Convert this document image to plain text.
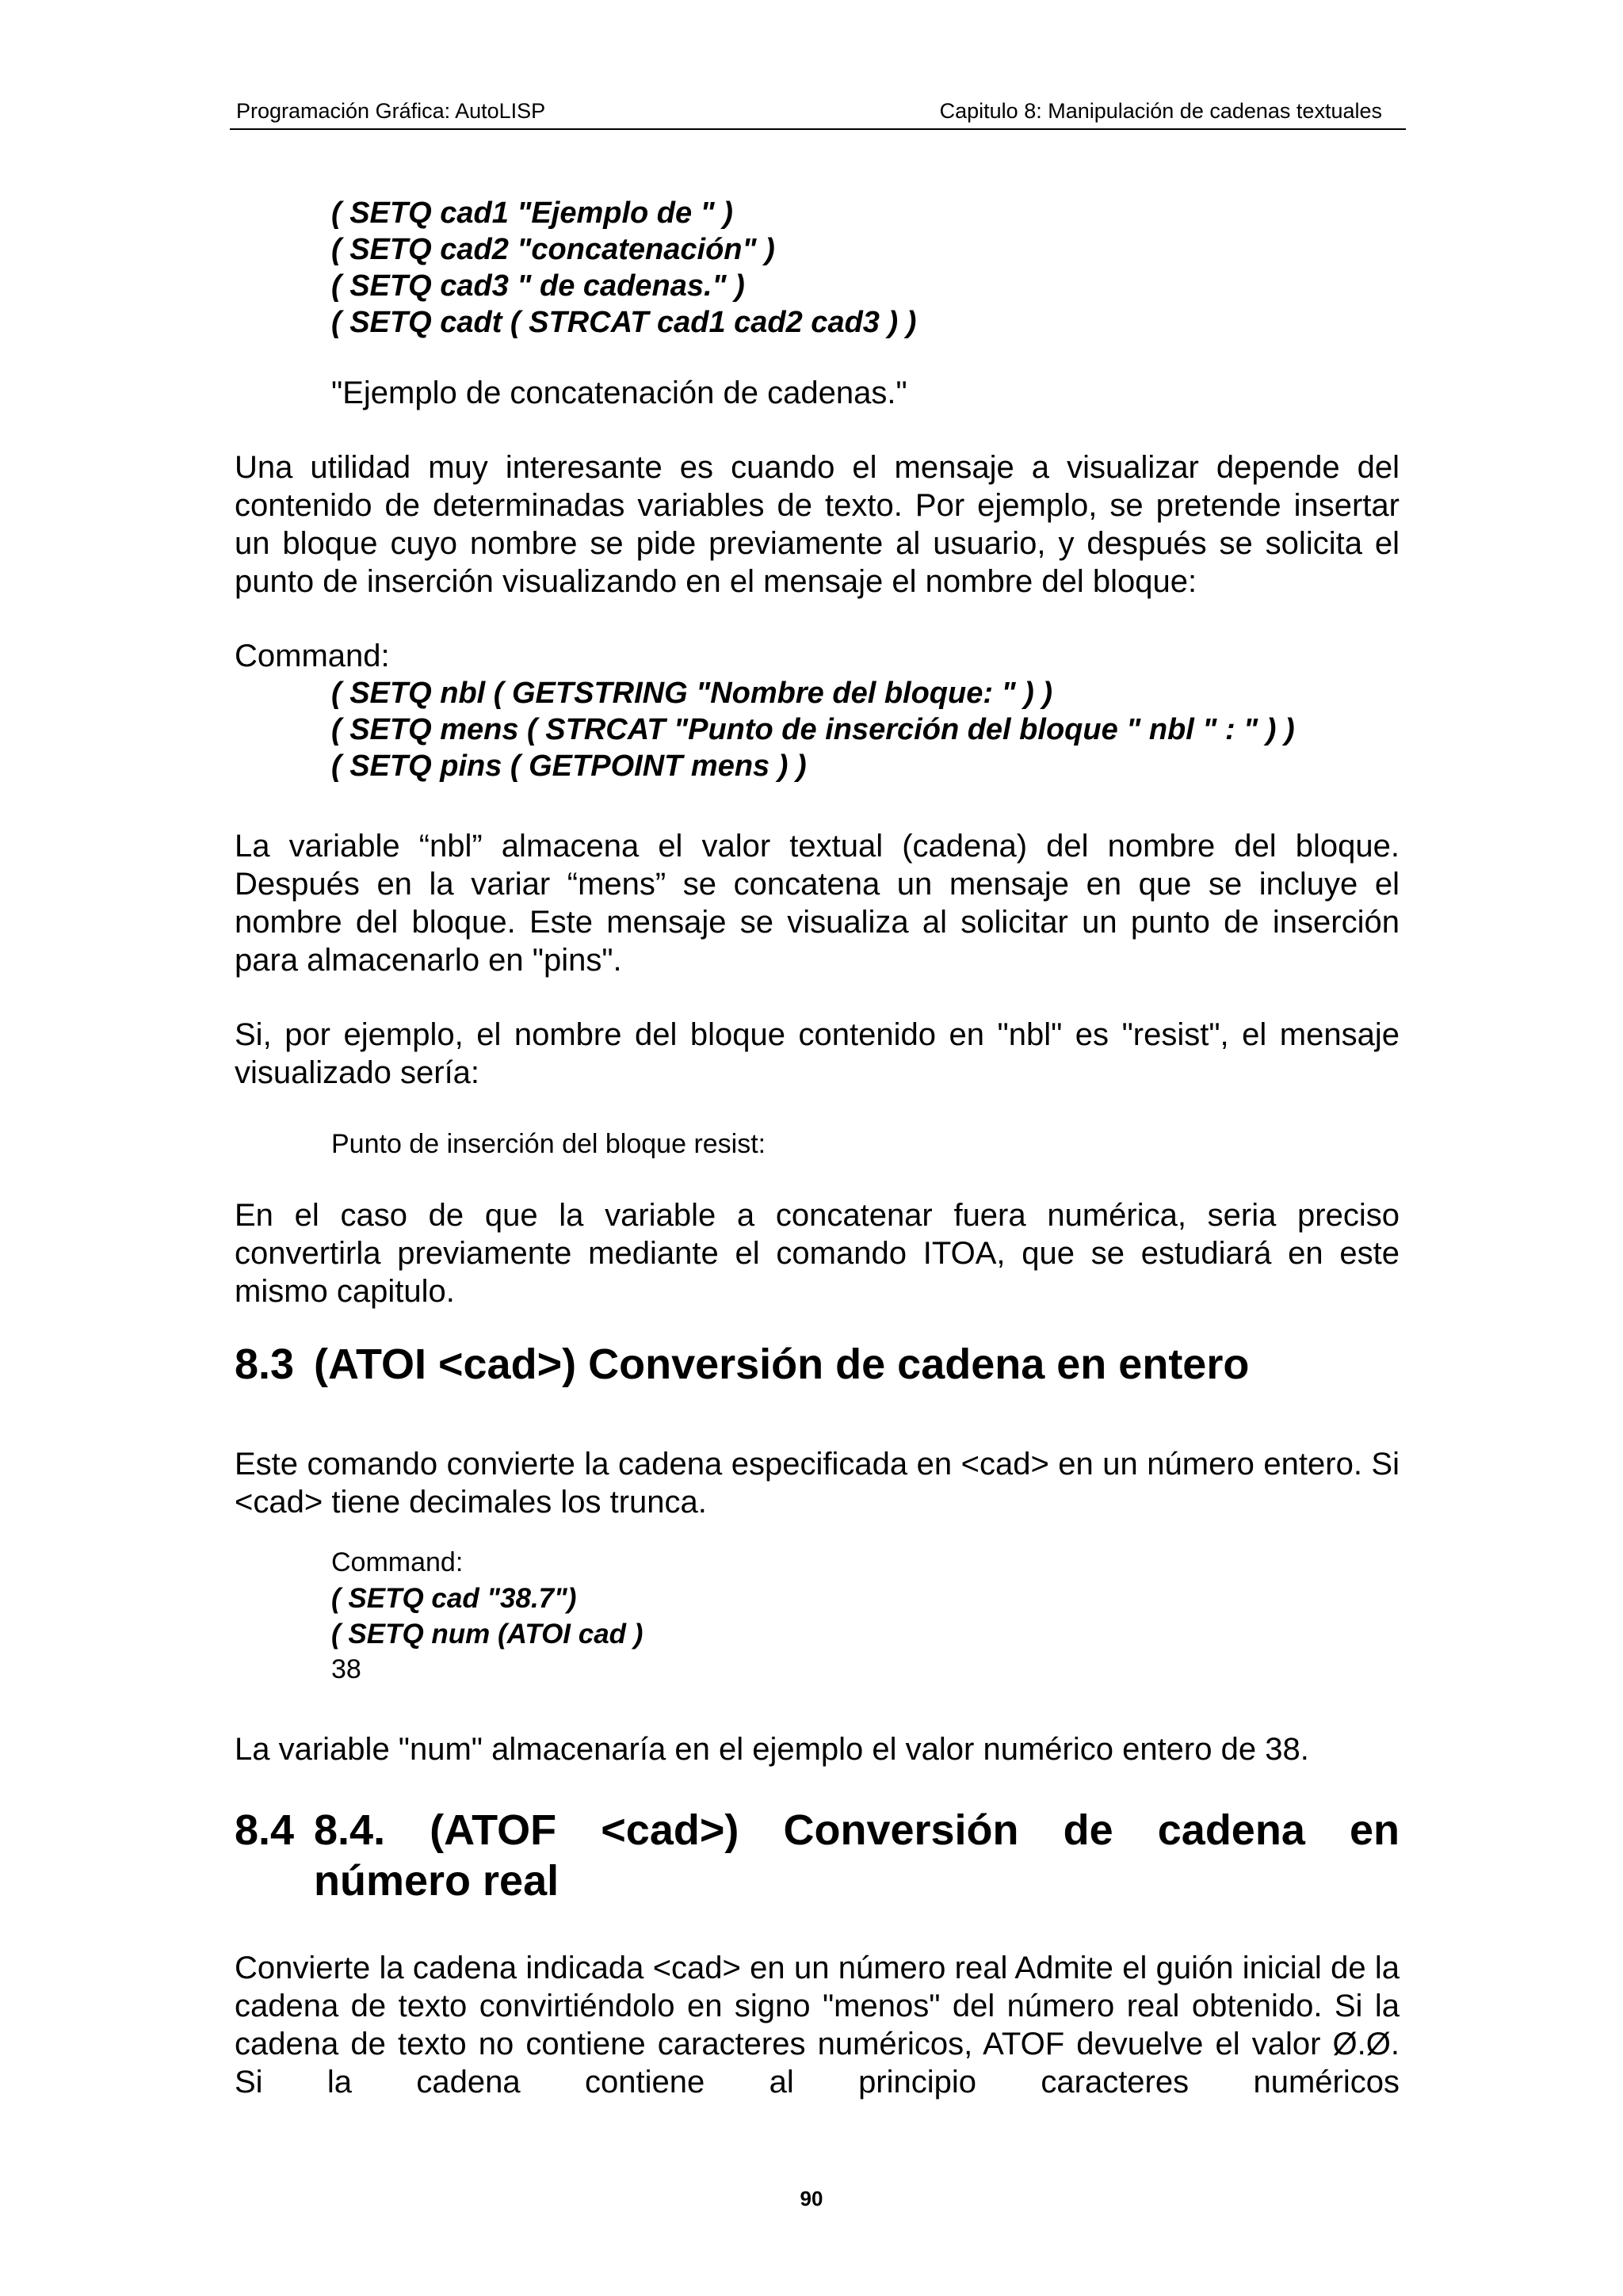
Programación Gráfica: AutoLISP	Capitulo 8: Manipulación de cadenas textuales

( SETQ cad1 "Ejemplo de " )

( SETQ cad2 "concatenación" )

( SETQ cad3 " de cadenas." )

( SETQ cadt ( STRCAT cad1 cad2 cad3 ) )

"Ejemplo de concatenación de cadenas."

Una utilidad muy interesante es cuando el mensaje a visualizar depende del contenido de determinadas variables de texto. Por ejemplo, se pretende insertar un bloque cuyo nombre se pide previamente al usuario, y después se solicita el punto de inserción visualizando en el mensaje el nombre del bloque:

Command:

( SETQ nbl ( GETSTRING "Nombre del bloque: " ) )

( SETQ mens ( STRCAT "Punto de inserción del bloque " nbl " : " ) )

( SETQ pins ( GETPOINT mens ) )

La variable “nbl” almacena el valor textual (cadena) del nombre del bloque. Después en la variar “mens” se concatena un mensaje en que se incluye el nombre del bloque. Este mensaje se visualiza al solicitar un punto de inserción para almacenarlo en "pins".

Si, por ejemplo, el nombre del bloque contenido en "nbl" es "resist", el mensaje visualizado sería:

Punto de inserción del bloque resist:

En el caso de que la variable a concatenar fuera numérica, seria preciso convertirla previamente mediante el comando ITOA, que se estudiará en este mismo capitulo.

8.3 (ATOI <cad>) Conversión de cadena en entero

Este comando convierte la cadena especificada en <cad> en un número entero. Si <cad> tiene decimales los trunca.

Command:

( SETQ cad "38.7")

( SETQ num (ATOI cad )

38

La variable "num" almacenaría en el ejemplo el valor numérico entero de 38.

8.4 8.4. (ATOF <cad>) Conversión de cadena en
número real

Convierte la cadena indicada <cad> en un número real Admite el guión inicial de la cadena de texto convirtiéndolo en signo "menos" del número real obtenido. Si la cadena de texto no contiene caracteres numéricos, ATOF devuelve el valor Ø.Ø. Si la cadena contiene al principio caracteres numéricos

90
